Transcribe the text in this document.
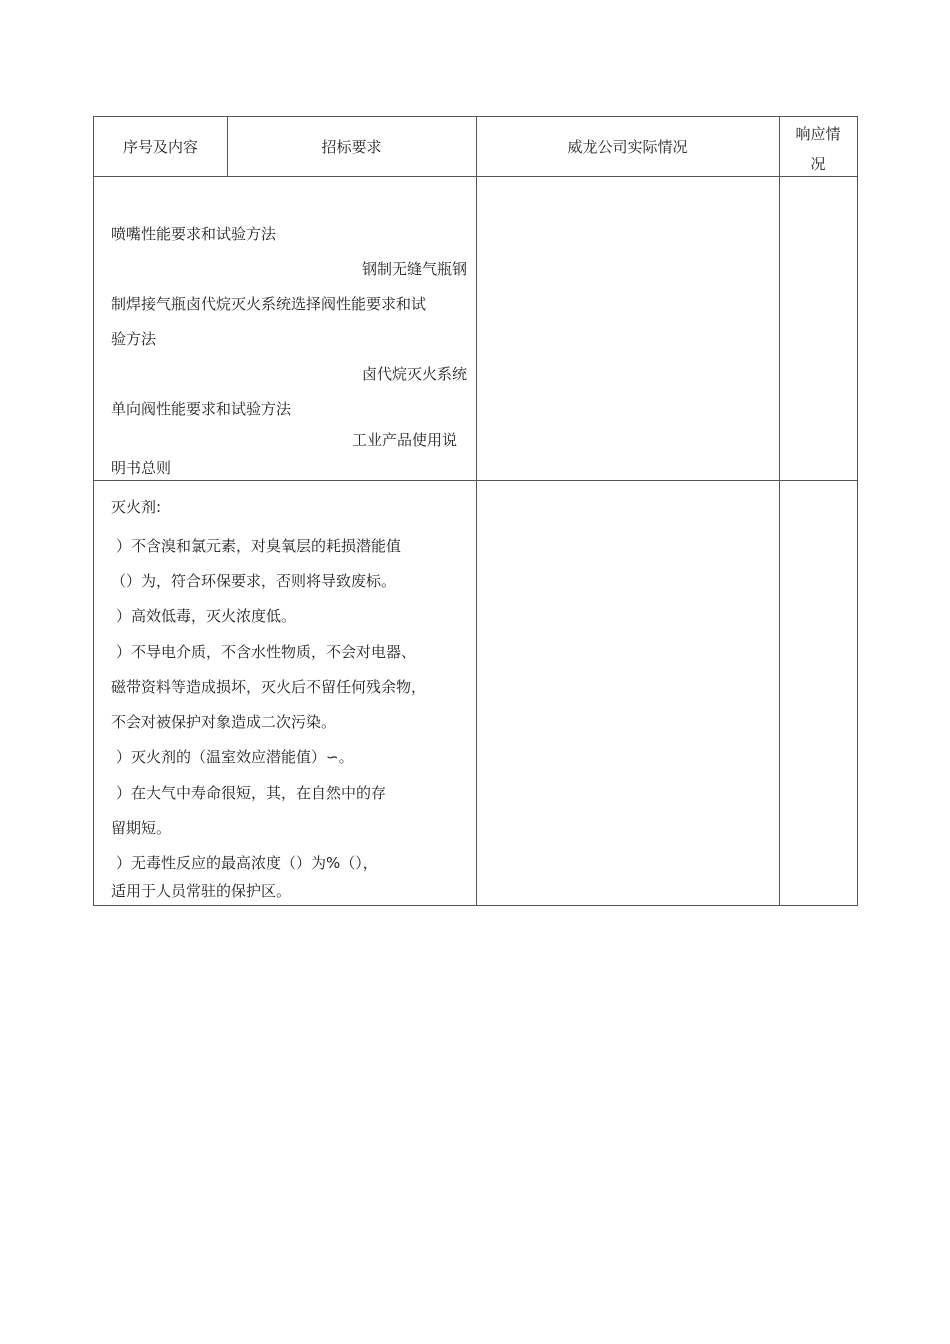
序号及内容	招标要求	威龙公司实际情况
响应情
况
喷嘴性能要求和试验方法
钢制无缝气瓶钢
制焊接气瓶卤代烷灭火系统选择阀性能要求和试
验方法
卤代烷灭火系统
单向阀性能要求和试验方法
工业产品使用说
明书总则
灭火剂:
）不含溴和氯元素，对臭氧层的耗损潜能值
（）为，符合环保要求，否则将导致废标。
）高效低毒，灭火浓度低。
）不导电介质，不含水性物质，不会对电器、
磁带资料等造成损坏，灭火后不留任何残余物，
不会对被保护对象造成二次污染。
）灭火剂的（温室效应潜能值）∽。
）在大气中寿命很短，其，在自然中的存
留期短。
）无毒性反应的最高浓度（）为%（），
适用于人员常驻的保护区。
